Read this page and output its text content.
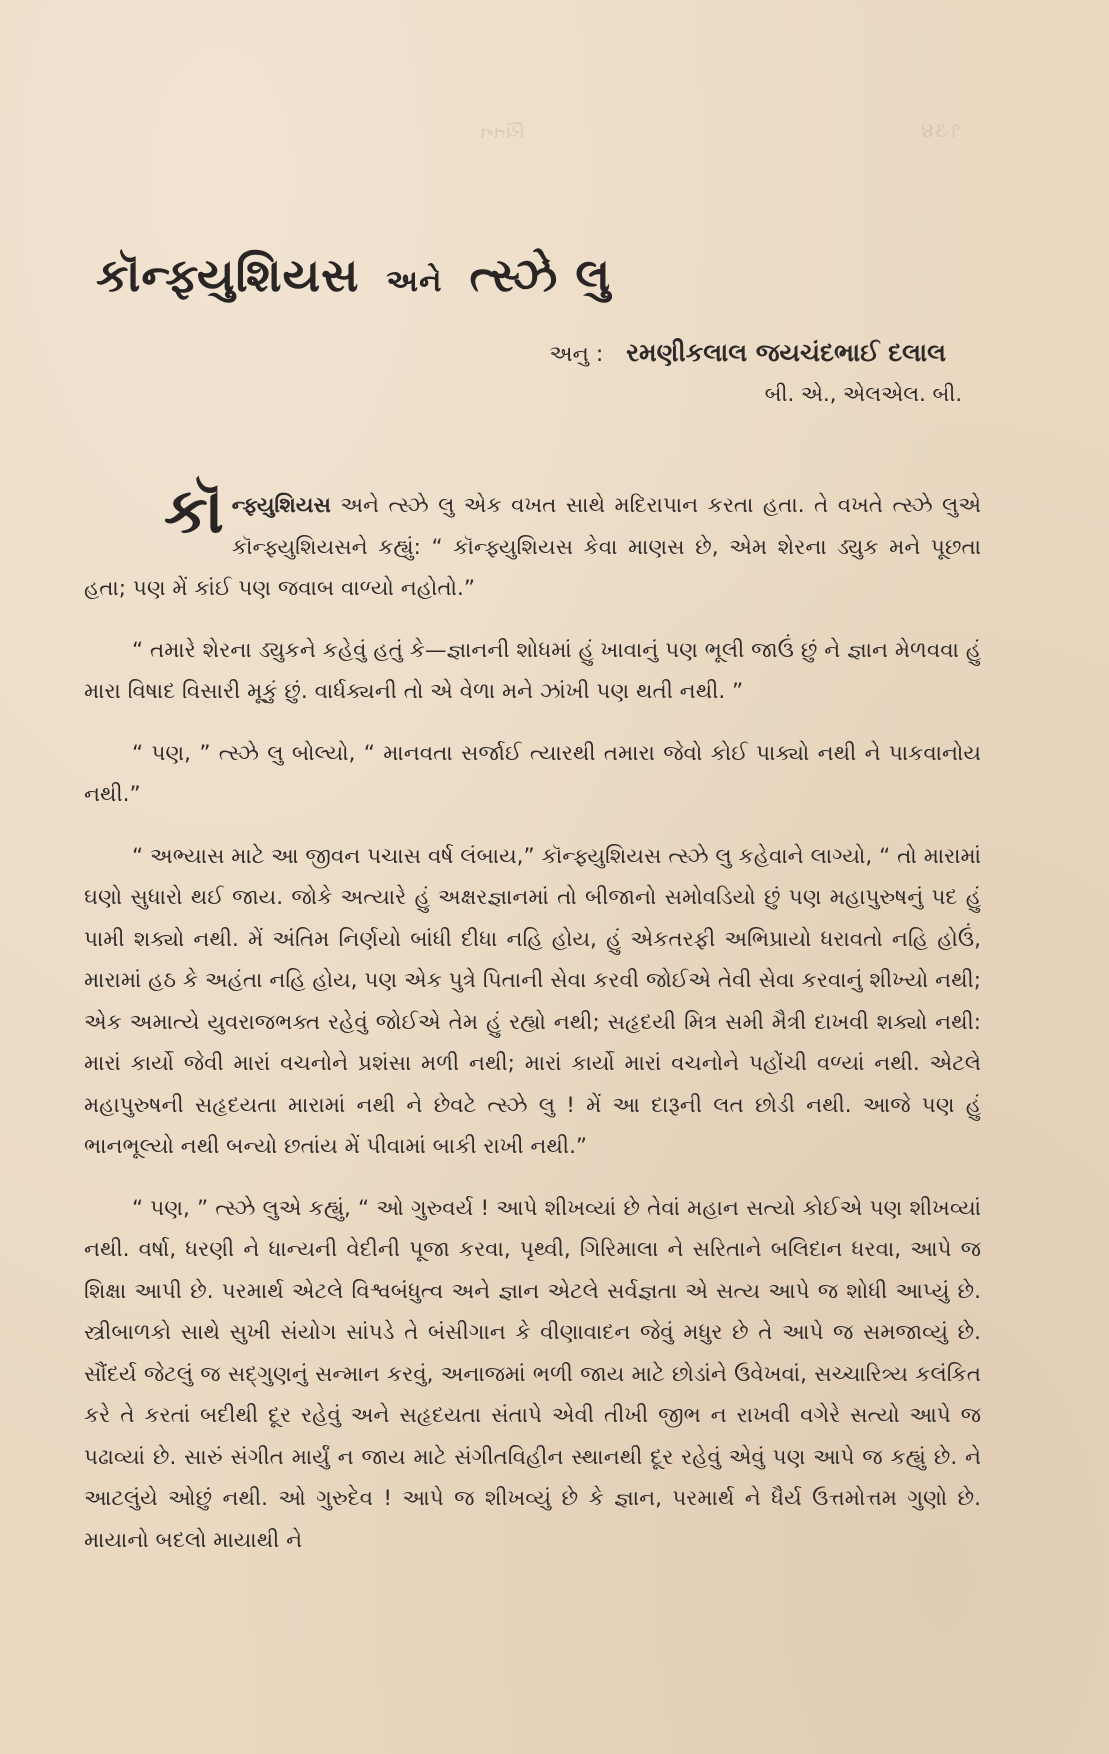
ચિંતન	૧૩૪
કૉન્ફ્યુશિયસ અને ત્સ્ઝે લુ
અનુ : રમણીકલાલ જયચંદભાઈ દલાલ
બી. એ., એલએલ. બી.

કૉન્ફ્યુશિયસ અને ત્સ્ઝે લુ એક વખત સાથે મદિરાપાન કરતા હતા. તે વખતે ત્સ્ઝે લુએ કૉન્ફ્યુશિયસને કહ્યું: “ કૉન્ફ્યુશિયસ કેવા માણસ છે, એમ શેરના ડ્યુક મને પૂછતા હતા; પણ મેં કાંઈ પણ જવાબ વાળ્યો નહોતો.”

“ તમારે શેરના ડ્યુકને કહેવું હતું કે—જ્ઞાનની શોધમાં હું ખાવાનું પણ ભૂલી જાઉં છું ને જ્ઞાન મેળવવા હું મારા વિષાદ વિસારી મૂકું છું. વાર્ધક્યની તો એ વેળા મને ઝાંખી પણ થતી નથી. ”

“ પણ, ” ત્સ્ઝે લુ બોલ્યો, “ માનવતા સર્જાઈ ત્યારથી તમારા જેવો કોઈ પાક્યો નથી ને પાકવાનોય નથી.”

“ અભ્યાસ માટે આ જીવન પચાસ વર્ષ લંબાય,” કૉન્ફ્યુશિયસ ત્સ્ઝે લુ કહેવાને લાગ્યો, “ તો મારામાં ઘણો સુધારો થઈ જાય. જોકે અત્યારે હું અક્ષરજ્ઞાનમાં તો બીજાનો સમોવડિયો છું પણ મહાપુરુષનું પદ હું પામી શક્યો નથી. મેં અંતિમ નિર્ણયો બાંધી દીધા નહિ હોય, હું એકતરફી અભિપ્રાયો ધરાવતો નહિ હોઉં, મારામાં હઠ કે અહંતા નહિ હોય, પણ એક પુત્રે પિતાની સેવા કરવી જોઈએ તેવી સેવા કરવાનું શીખ્યો નથી; એક અમાત્યે યુવરાજભક્ત રહેવું જોઈએ તેમ હું રહ્યો નથી; સહૃદયી મિત્ર સમી મૈત્રી દાખવી શક્યો નથી: મારાં કાર્યો જેવી મારાં વચનોને પ્રશંસા મળી નથી; મારાં કાર્યો મારાં વચનોને પહોંચી વળ્યાં નથી. એટલે મહાપુરુષની સહૃદયતા મારામાં નથી ને છેવટે ત્સ્ઝે લુ ! મેં આ દારૂની લત છોડી નથી. આજે પણ હું ભાનભૂલ્યો નથી બન્યો છતાંય મેં પીવામાં બાકી રાખી નથી.”

“ પણ, ” ત્સ્ઝે લુએ કહ્યું, “ ઓ ગુરુવર્ય ! આપે શીખવ્યાં છે તેવાં મહાન સત્યો કોઈએ પણ શીખવ્યાં નથી. વર્ષા, ધરણી ને ધાન્યની વેદીની પૂજા કરવા, પૃથ્વી, ગિરિમાલા ને સરિતાને બલિદાન ધરવા, આપે જ શિક્ષા આપી છે. પરમાર્થ એટલે વિશ્વબંધુત્વ અને જ્ઞાન એટલે સર્વજ્ઞતા એ સત્ય આપે જ શોધી આપ્યું છે. સ્ત્રીબાળકો સાથે સુખી સંયોગ સાંપડે તે બંસીગાન કે વીણાવાદન જેવું મધુર છે તે આપે જ સમજાવ્યું છે. સૌંદર્ય જેટલું જ સદ્ગુણનું સન્માન કરવું, અનાજમાં ભળી જાય માટે છોડાંને ઉવેખવાં, સચ્ચારિત્ર્ય કલંકિત કરે તે કરતાં બદીથી દૂર રહેવું અને સહૃદયતા સંતાપે એવી તીખી જીભ ન રાખવી વગેરે સત્યો આપે જ પઢાવ્યાં છે. સારું સંગીત માર્યું ન જાય માટે સંગીતવિહીન સ્થાનથી દૂર રહેવું એવું પણ આપે જ કહ્યું છે. ને આટલુંયે ઓછું નથી. ઓ ગુરુદેવ ! આપે જ શીખવ્યું છે કે જ્ઞાન, પરમાર્થ ને ધૈર્ય ઉત્તમોત્તમ ગુણો છે. માયાનો બદલો માયાથી ને
